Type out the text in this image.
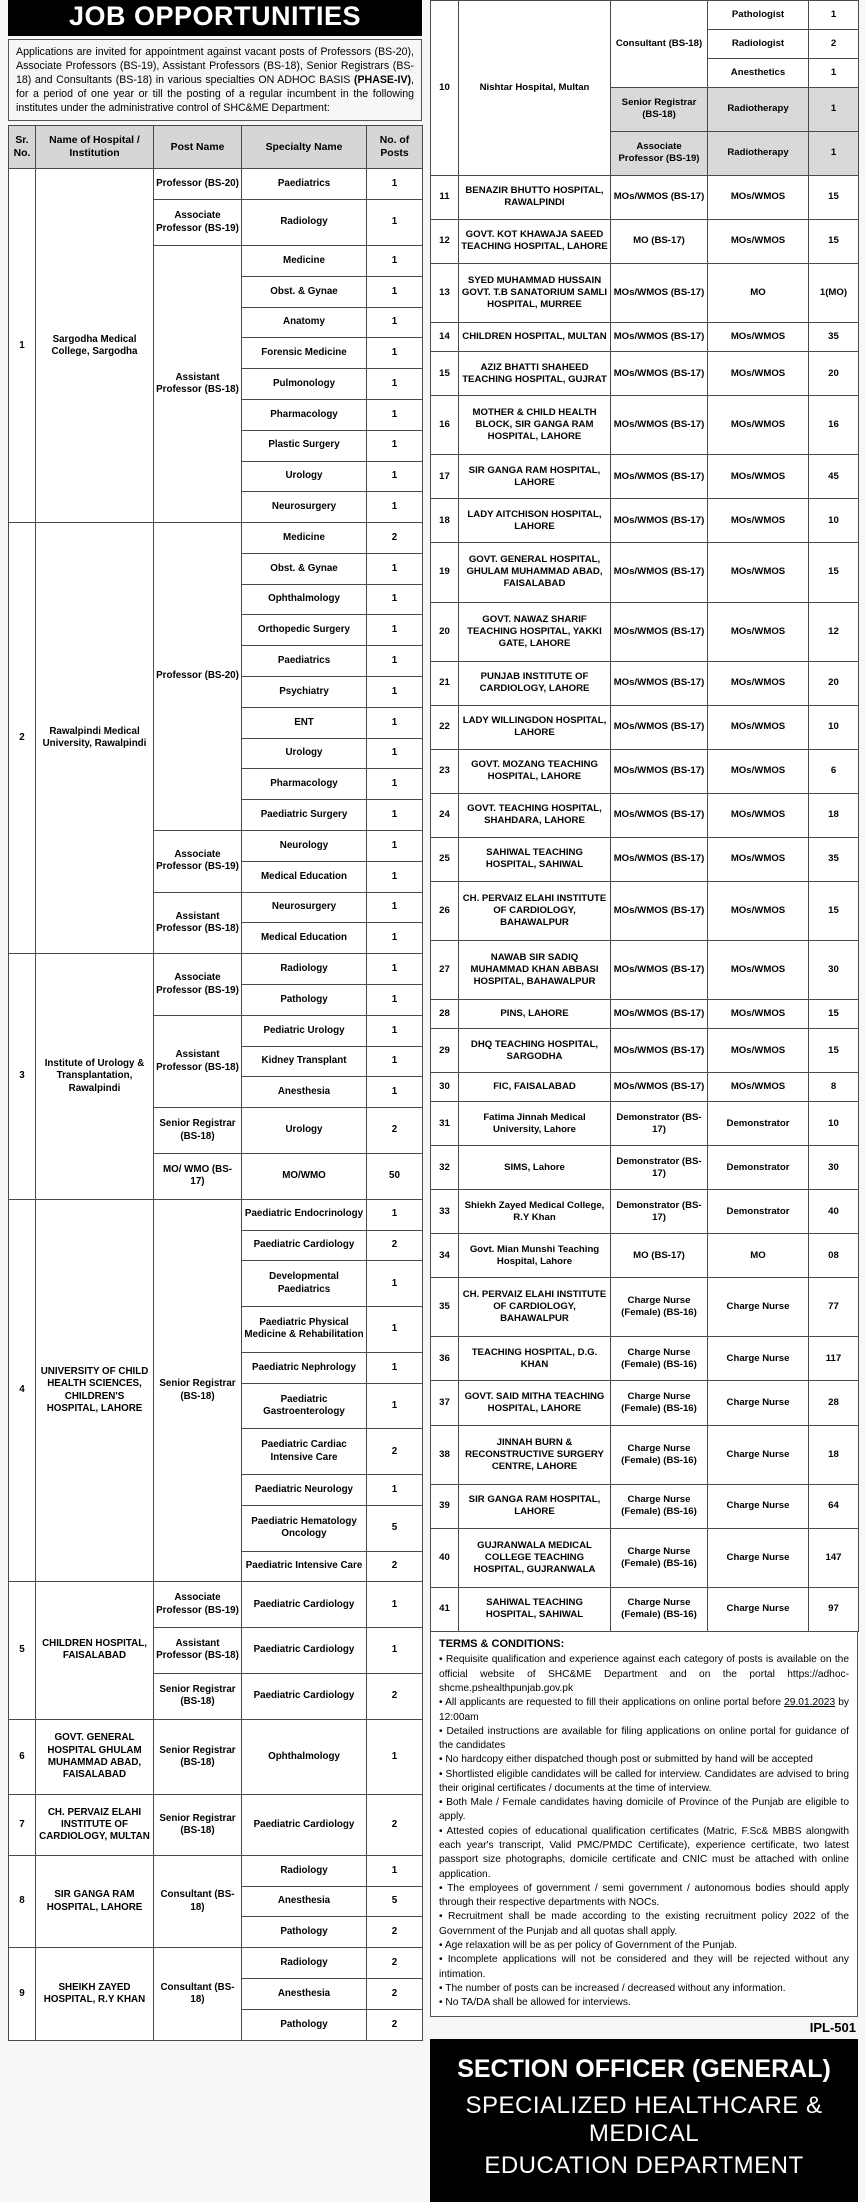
JOB OPPORTUNITIES
Applications are invited for appointment against vacant posts of Professors (BS-20), Associate Professors (BS-19), Assistant Professors (BS-18), Senior Registrars (BS-18) and Consultants (BS-18) in various specialties ON ADHOC BASIS (PHASE-IV), for a period of one year or till the posting of a regular incumbent in the following institutes under the administrative control of SHC&ME Department:
Sr. No.	Name of Hospital / Institution	Post Name	Specialty Name	No. of Posts
1	Sargodha Medical College, Sargodha	Professor (BS-20)	Paediatrics	1
		Associate Professor (BS-19)	Radiology	1
		Assistant Professor (BS-18)	Medicine	1
			Obst. & Gynae	1
			Anatomy	1
			Forensic Medicine	1
			Pulmonology	1
			Pharmacology	1
			Plastic Surgery	1
			Urology	1
			Neurosurgery	1
2	Rawalpindi Medical University, Rawalpindi	Professor (BS-20)	Medicine	2
			Obst. & Gynae	1
			Ophthalmology	1
			Orthopedic Surgery	1
			Paediatrics	1
			Psychiatry	1
			ENT	1
			Urology	1
			Pharmacology	1
			Paediatric Surgery	1
		Associate Professor (BS-19)	Neurology	1
			Medical Education	1
		Assistant Professor (BS-18)	Neurosurgery	1
			Medical Education	1
3	Institute of Urology & Transplantation, Rawalpindi	Associate Professor (BS-19)	Radiology	1
			Pathology	1
		Assistant Professor (BS-18)	Pediatric Urology	1
			Kidney Transplant	1
			Anesthesia	1
		Senior Registrar (BS-18)	Urology	2
		MO/ WMO (BS-17)	MO/WMO	50
4	UNIVERSITY OF CHILD HEALTH SCIENCES, CHILDREN'S HOSPITAL, LAHORE	Senior Registrar (BS-18)	Paediatric Endocrinology	1
			Paediatric Cardiology	2
			Developmental Paediatrics	1
			Paediatric Physical Medicine & Rehabilitation	1
			Paediatric Nephrology	1
			Paediatric Gastroenterology	1
			Paediatric Cardiac Intensive Care	2
			Paediatric Neurology	1
			Paediatric Hematology Oncology	5
			Paediatric Intensive Care	2
5	CHILDREN HOSPITAL, FAISALABAD	Associate Professor (BS-19)	Paediatric Cardiology	1
		Assistant Professor (BS-18)	Paediatric Cardiology	1
		Senior Registrar (BS-18)	Paediatric Cardiology	2
6	GOVT. GENERAL HOSPITAL GHULAM MUHAMMAD ABAD, FAISALABAD	Senior Registrar (BS-18)	Ophthalmology	1
7	CH. PERVAIZ ELAHI INSTITUTE OF CARDIOLOGY, MULTAN	Senior Registrar (BS-18)	Paediatric Cardiology	2
8	SIR GANGA RAM HOSPITAL, LAHORE	Consultant (BS-18)	Radiology	1
			Anesthesia	5
			Pathology	2
9	SHEIKH ZAYED HOSPITAL, R.Y KHAN	Consultant (BS-18)	Radiology	2
			Anesthesia	2
			Pathology	2
10	Nishtar Hospital, Multan	Consultant (BS-18)	Pathologist	1
			Radiologist	2
			Anesthetics	1
		Senior Registrar (BS-18)	Radiotherapy	1
		Associate Professor (BS-19)	Radiotherapy	1
11	BENAZIR BHUTTO HOSPITAL, RAWALPINDI	MOs/WMOS (BS-17)	MOs/WMOS	15
12	GOVT. KOT KHAWAJA SAEED TEACHING HOSPITAL, LAHORE	MO (BS-17)	MOs/WMOS	15
13	SYED MUHAMMAD HUSSAIN GOVT. T.B SANATORIUM SAMLI HOSPITAL, MURREE	MOs/WMOS (BS-17)	MO	1(MO)
14	CHILDREN HOSPITAL, MULTAN	MOs/WMOS (BS-17)	MOs/WMOS	35
15	AZIZ BHATTI SHAHEED TEACHING HOSPITAL, GUJRAT	MOs/WMOS (BS-17)	MOs/WMOS	20
16	MOTHER & CHILD HEALTH BLOCK, SIR GANGA RAM HOSPITAL, LAHORE	MOs/WMOS (BS-17)	MOs/WMOS	16
17	SIR GANGA RAM HOSPITAL, LAHORE	MOs/WMOS (BS-17)	MOs/WMOS	45
18	LADY AITCHISON HOSPITAL, LAHORE	MOs/WMOS (BS-17)	MOs/WMOS	10
19	GOVT. GENERAL HOSPITAL, GHULAM MUHAMMAD ABAD, FAISALABAD	MOs/WMOS (BS-17)	MOs/WMOS	15
20	GOVT. NAWAZ SHARIF TEACHING HOSPITAL, YAKKI GATE, LAHORE	MOs/WMOS (BS-17)	MOs/WMOS	12
21	PUNJAB INSTITUTE OF CARDIOLOGY, LAHORE	MOs/WMOS (BS-17)	MOs/WMOS	20
22	LADY WILLINGDON HOSPITAL, LAHORE	MOs/WMOS (BS-17)	MOs/WMOS	10
23	GOVT. MOZANG TEACHING HOSPITAL, LAHORE	MOs/WMOS (BS-17)	MOs/WMOS	6
24	GOVT. TEACHING HOSPITAL, SHAHDARA, LAHORE	MOs/WMOS (BS-17)	MOs/WMOS	18
25	SAHIWAL TEACHING HOSPITAL, SAHIWAL	MOs/WMOS (BS-17)	MOs/WMOS	35
26	CH. PERVAIZ ELAHI INSTITUTE OF CARDIOLOGY, BAHAWALPUR	MOs/WMOS (BS-17)	MOs/WMOS	15
27	NAWAB SIR SADIQ MUHAMMAD KHAN ABBASI HOSPITAL, BAHAWALPUR	MOs/WMOS (BS-17)	MOs/WMOS	30
28	PINS, LAHORE	MOs/WMOS (BS-17)	MOs/WMOS	15
29	DHQ TEACHING HOSPITAL, SARGODHA	MOs/WMOS (BS-17)	MOs/WMOS	15
30	FIC, FAISALABAD	MOs/WMOS (BS-17)	MOs/WMOS	8
31	Fatima Jinnah Medical University, Lahore	Demonstrator (BS-17)	Demonstrator	10
32	SIMS, Lahore	Demonstrator (BS-17)	Demonstrator	30
33	Shiekh Zayed Medical College, R.Y Khan	Demonstrator (BS-17)	Demonstrator	40
34	Govt. Mian Munshi Teaching Hospital, Lahore	MO (BS-17)	MO	08
35	CH. PERVAIZ ELAHI INSTITUTE OF CARDIOLOGY, BAHAWALPUR	Charge Nurse (Female) (BS-16)	Charge Nurse	77
36	TEACHING HOSPITAL, D.G. KHAN	Charge Nurse (Female) (BS-16)	Charge Nurse	117
37	GOVT. SAID MITHA TEACHING HOSPITAL, LAHORE	Charge Nurse (Female) (BS-16)	Charge Nurse	28
38	JINNAH BURN & RECONSTRUCTIVE SURGERY CENTRE, LAHORE	Charge Nurse (Female) (BS-16)	Charge Nurse	18
39	SIR GANGA RAM HOSPITAL, LAHORE	Charge Nurse (Female) (BS-16)	Charge Nurse	64
40	GUJRANWALA MEDICAL COLLEGE TEACHING HOSPITAL, GUJRANWALA	Charge Nurse (Female) (BS-16)	Charge Nurse	147
41	SAHIWAL TEACHING HOSPITAL, SAHIWAL	Charge Nurse (Female) (BS-16)	Charge Nurse	97
TERMS & CONDITIONS:
• Requisite qualification and experience against each category of posts is available on the official website of SHC&ME Department and on the portal https://adhoc-shcme.pshealthpunjab.gov.pk
• All applicants are requested to fill their applications on online portal before 29.01.2023 by 12:00am
• Detailed instructions are available for filing applications on online portal for guidance of the candidates
• No hardcopy either dispatched though post or submitted by hand will be accepted
• Shortlisted eligible candidates will be called for interview. Candidates are advised to bring their original certificates / documents at the time of interview.
• Both Male / Female candidates having domicile of Province of the Punjab are eligible to apply.
• Attested copies of educational qualification certificates (Matric, F.Sc& MBBS alongwith each year's transcript, Valid PMC/PMDC Certificate), experience certificate, two latest passport size photographs, domicile certificate and CNIC must be attached with online application.
• The employees of government / semi government / autonomous bodies should apply through their respective departments with NOCs.
• Recruitment shall be made according to the existing recruitment policy 2022 of the Government of the Punjab and all quotas shall apply.
• Age relaxation will be as per policy of Government of the Punjab.
• Incomplete applications will not be considered and they will be rejected without any intimation.
• The number of posts can be increased / decreased without any information.
• No TA/DA shall be allowed for interviews.
IPL-501
SECTION OFFICER (GENERAL)
SPECIALIZED HEALTHCARE & MEDICAL
EDUCATION DEPARTMENT
